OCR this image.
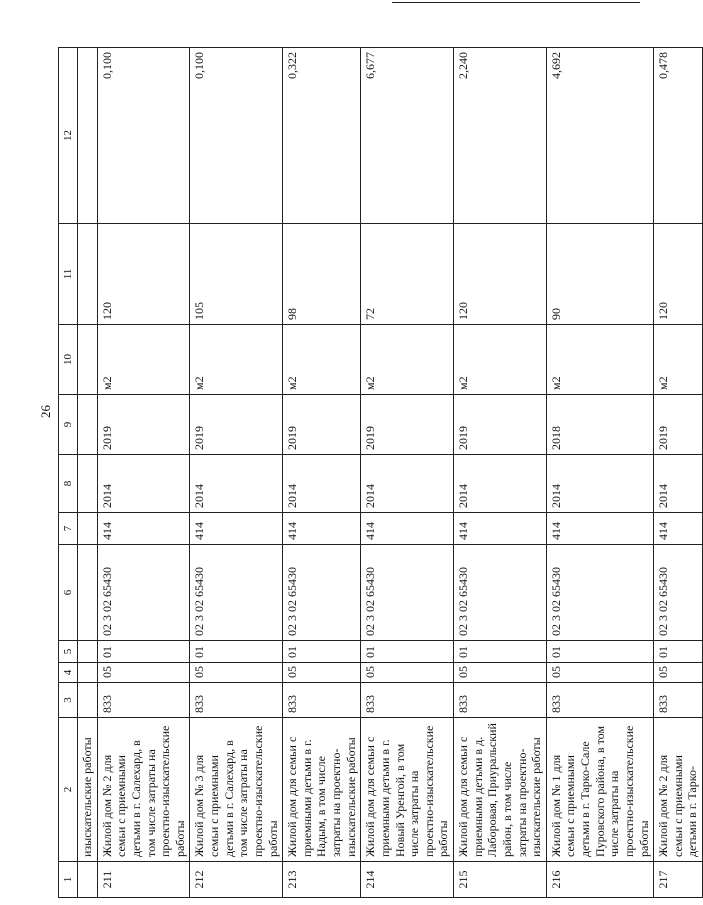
26
1	2	3	4	5	6	7	8	9	10	11	12
	изыскательские работы										
211	Жилой дом № 2 для семьи с приемными детьми в г. Салехард, в том числе затраты на проектно-изыскательские работы	833	05	01	02 3 02 65430	414	2014	2019	м2	120	0,100
212	Жилой дом № 3 для семьи с приемными детьми в г. Салехард, в том числе затраты на проектно-изыскательские работы	833	05	01	02 3 02 65430	414	2014	2019	м2	105	0,100
213	Жилой дом для семьи с приемными детьми в г. Надым, в том числе затраты на проектно-изыскательские работы	833	05	01	02 3 02 65430	414	2014	2019	м2	98	0,322
214	Жилой дом для семьи с приемными детьми в г. Новый Уренгой, в том числе затраты на проектно-изыскательские работы	833	05	01	02 3 02 65430	414	2014	2019	м2	72	6,677
215	Жилой дом для семьи с приемными детьми в д. Лаборовая, Приуральский район, в том числе затраты на проектно-изыскательские работы	833	05	01	02 3 02 65430	414	2014	2019	м2	120	2,240
216	Жилой дом № 1 для семьи с приемными детьми в г. Тарко-Сале Пуровского района, в том числе затраты на проектно-изыскательские работы	833	05	01	02 3 02 65430	414	2014	2018	м2	90	4,692
217	Жилой дом № 2 для семьи с приемными детьми в г. Тарко-	833	05	01	02 3 02 65430	414	2014	2019	м2	120	0,478
